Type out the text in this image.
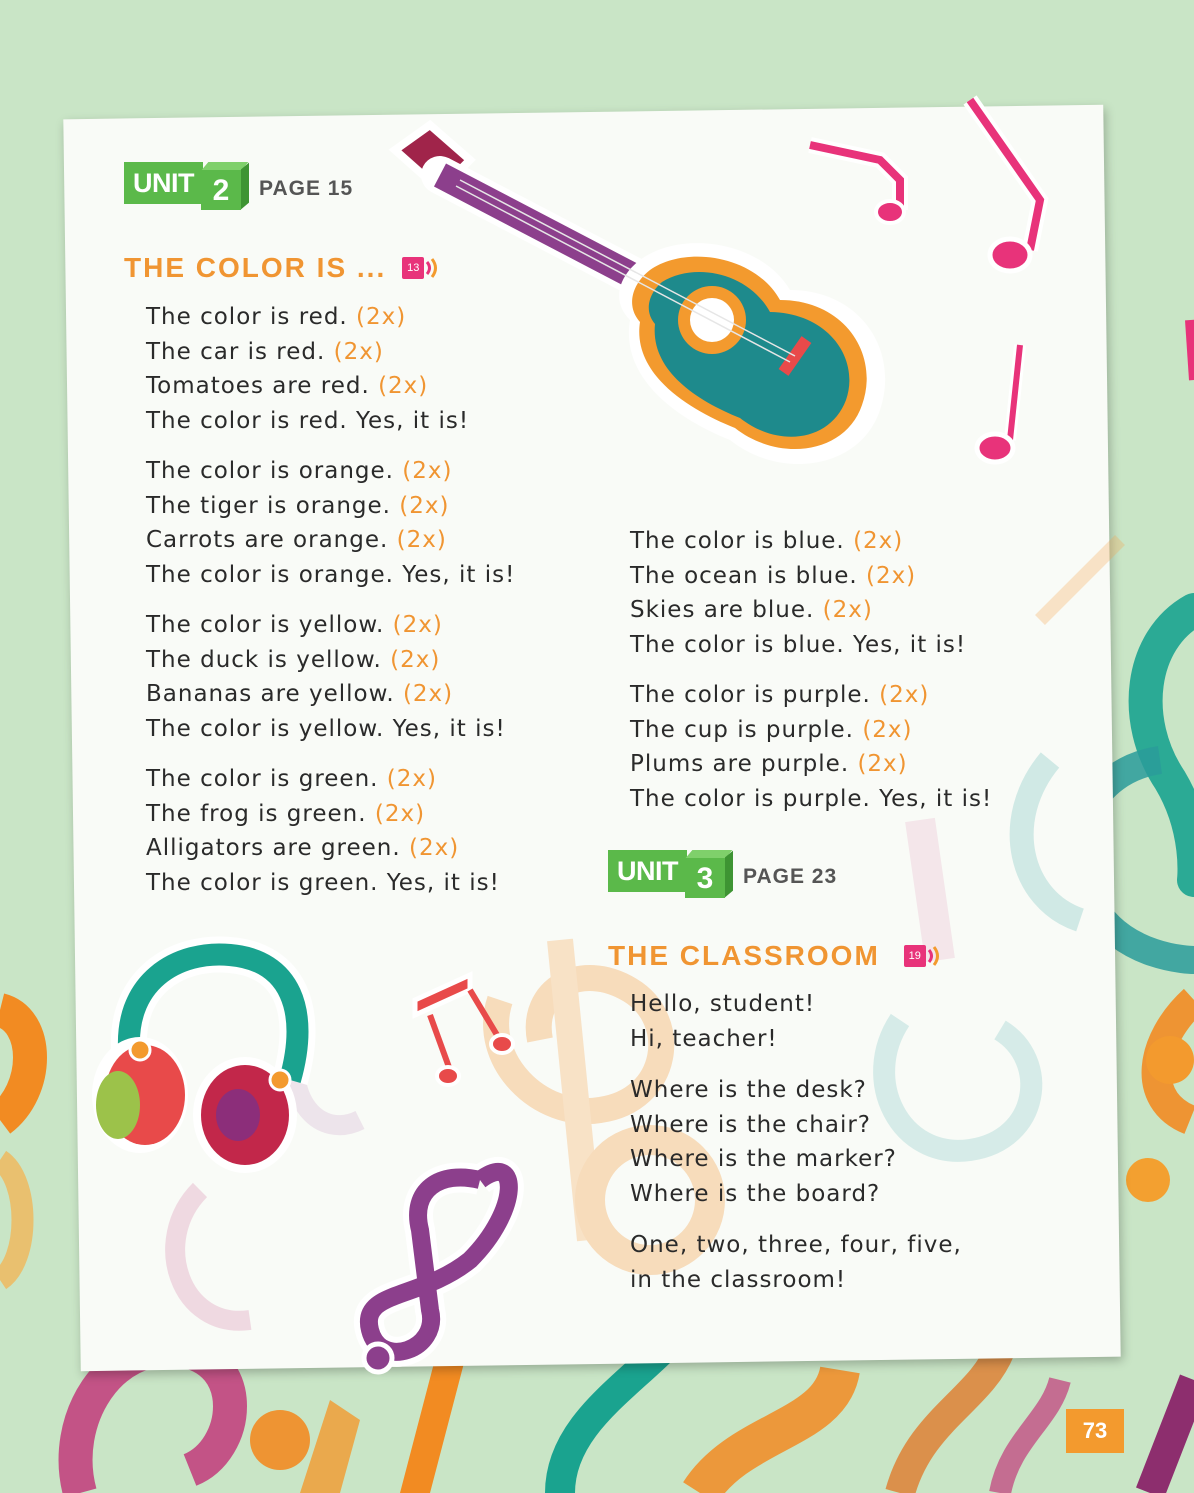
UNIT 2	PAGE 15
THE COLOR IS ...	13
The color is red. (2x)
The car is red. (2x)
Tomatoes are red. (2x)
The color is red. Yes, it is!
The color is orange. (2x)
The tiger is orange. (2x)
Carrots are orange. (2x)
The color is orange. Yes, it is!
The color is yellow. (2x)
The duck is yellow. (2x)
Bananas are yellow. (2x)
The color is yellow. Yes, it is!
The color is green. (2x)
The frog is green. (2x)
Alligators are green. (2x)
The color is green. Yes, it is!
The color is blue. (2x)
The ocean is blue. (2x)
Skies are blue. (2x)
The color is blue. Yes, it is!
The color is purple. (2x)
The cup is purple. (2x)
Plums are purple. (2x)
The color is purple. Yes, it is!
UNIT 3	PAGE 23
THE CLASSROOM	19
Hello, student!
Hi, teacher!
Where is the desk?
Where is the chair?
Where is the marker?
Where is the board?
One, two, three, four, five,
in the classroom!
73
